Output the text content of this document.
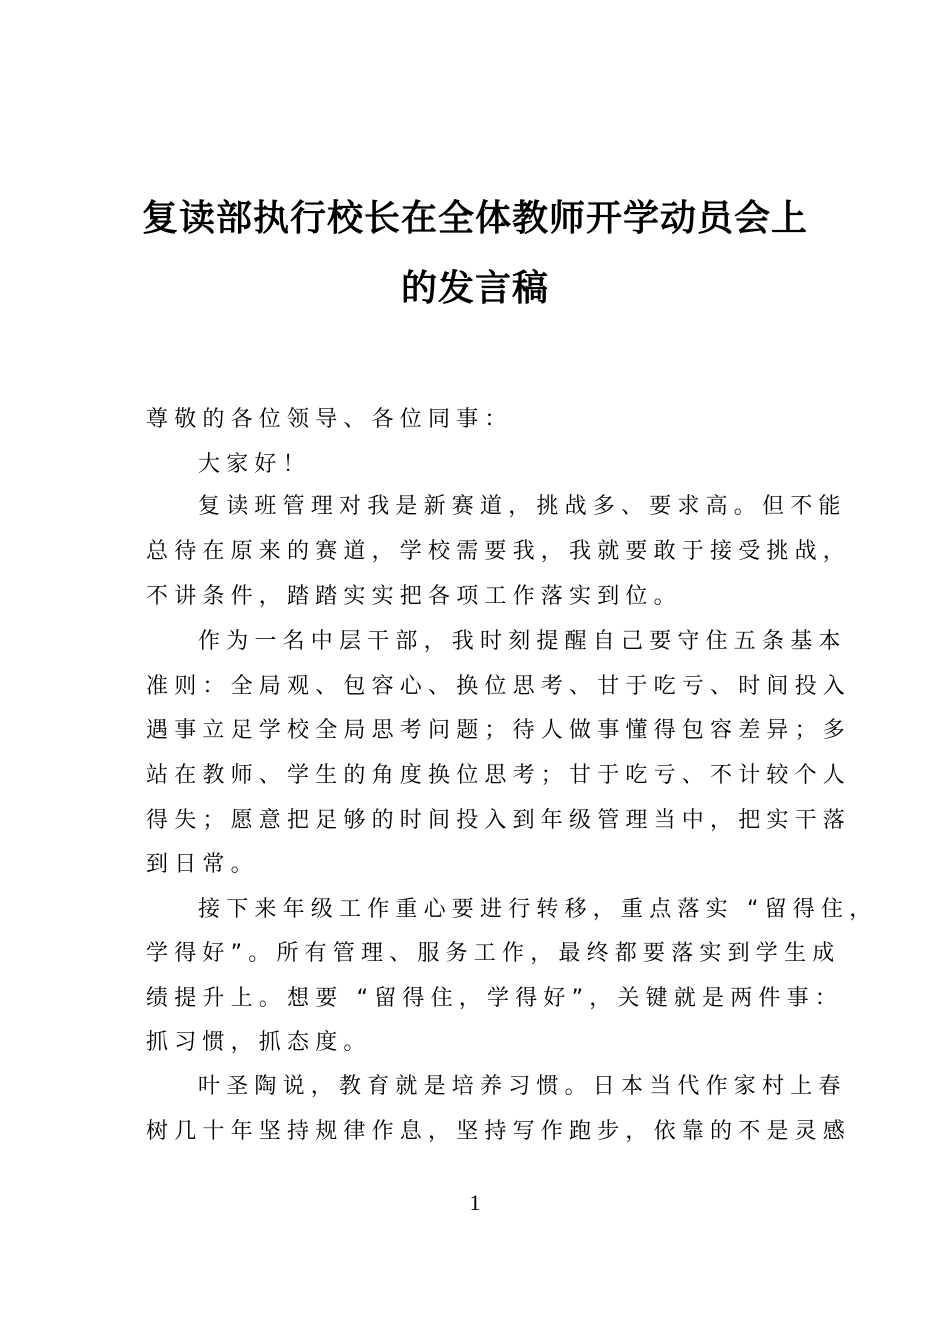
复读部执行校长在全体教师开学动员会上
的发言稿
尊敬的各位领导、各位同事：
大家好！
复读班管理对我是新赛道，挑战多、要求高。但不能
总待在原来的赛道，学校需要我，我就要敢于接受挑战，
不讲条件，踏踏实实把各项工作落实到位。
作为一名中层干部，我时刻提醒自己要守住五条基本
准则：全局观、包容心、换位思考、甘于吃亏、时间投入
遇事立足学校全局思考问题；待人做事懂得包容差异；多
站在教师、学生的角度换位思考；甘于吃亏、不计较个人
得失；愿意把足够的时间投入到年级管理当中，把实干落
到日常。
接下来年级工作重心要进行转移，重点落实 “留得住，
学得好”。所有管理、服务工作，最终都要落实到学生成
绩提升上。想要 “留得住，学得好”，关键就是两件事：
抓习惯，抓态度。
叶圣陶说，教育就是培养习惯。日本当代作家村上春
树几十年坚持规律作息，坚持写作跑步，依靠的不是灵感
1
